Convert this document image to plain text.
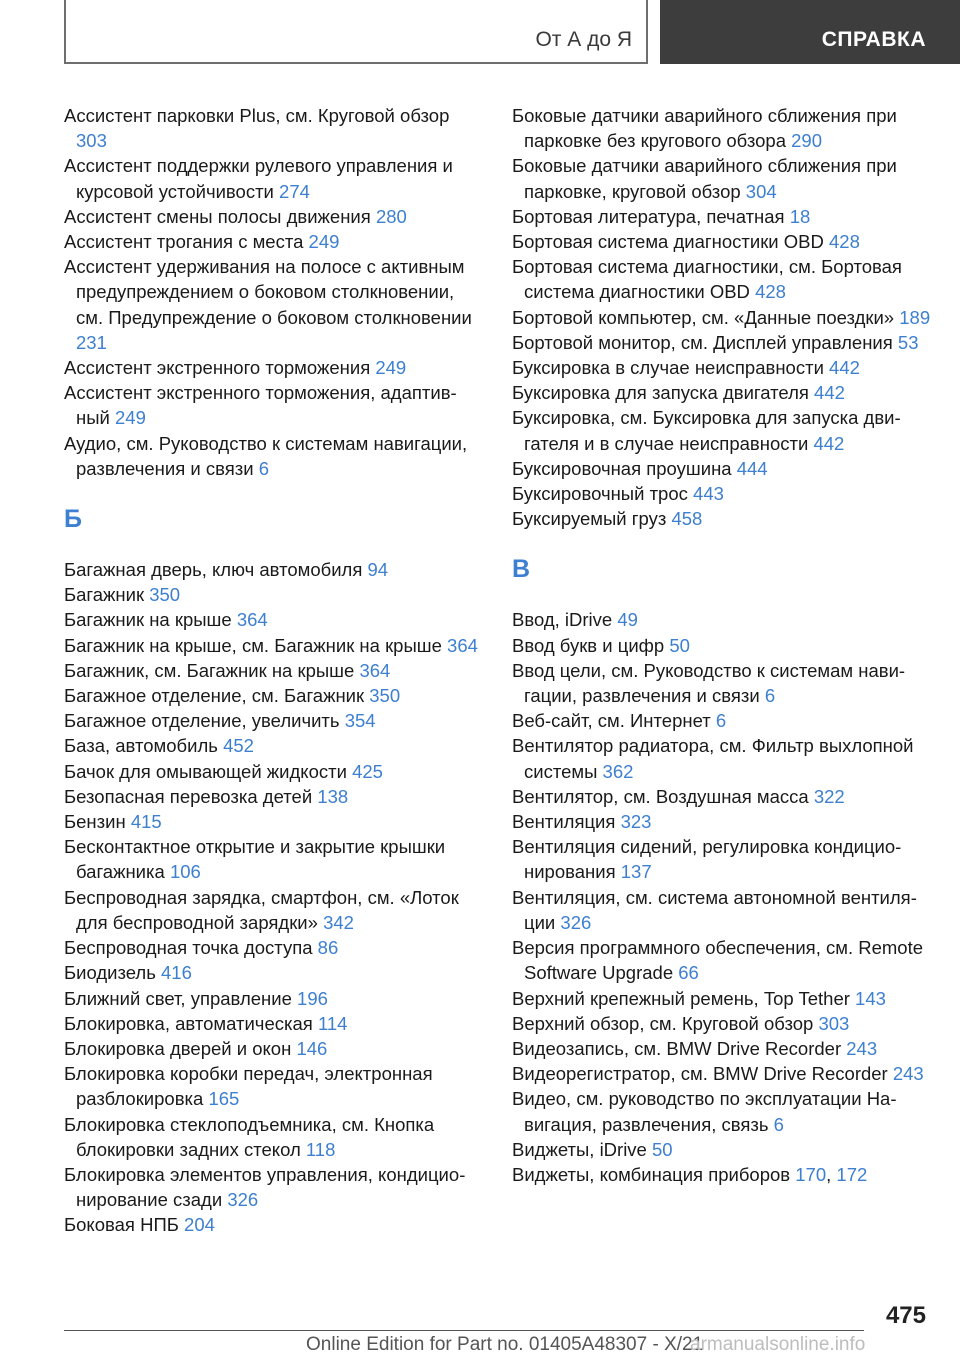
От А до Я	СПРАВКА
Ассистент парковки Plus, см. Круговой обзор 303
Ассистент поддержки рулевого управления и курсовой устойчивости 274
Ассистент смены полосы движения 280
Ассистент трогания с места 249
Ассистент удерживания на полосе с активным предупреждением о боковом столкновении, см. Предупреждение о боковом столкновении 231
Ассистент экстренного торможения 249
Ассистент экстренного торможения, адаптивный 249
Аудио, см. Руководство к системам навигации, развлечения и связи 6
Б
Багажная дверь, ключ автомобиля 94
Багажник 350
Багажник на крыше 364
Багажник на крыше, см. Багажник на крыше 364
Багажник, см. Багажник на крыше 364
Багажное отделение, см. Багажник 350
Багажное отделение, увеличить 354
База, автомобиль 452
Бачок для омывающей жидкости 425
Безопасная перевозка детей 138
Бензин 415
Бесконтактное открытие и закрытие крышки багажника 106
Беспроводная зарядка, смартфон, см. «Лоток для беспроводной зарядки» 342
Беспроводная точка доступа 86
Биодизель 416
Ближний свет, управление 196
Блокировка, автоматическая 114
Блокировка дверей и окон 146
Блокировка коробки передач, электронная разблокировка 165
Блокировка стеклоподъемника, см. Кнопка блокировки задних стекол 118
Блокировка элементов управления, кондиционирование сзади 326
Боковая НПБ 204
Боковые датчики аварийного сближения при парковке без кругового обзора 290
Боковые датчики аварийного сближения при парковке, круговой обзор 304
Бортовая литература, печатная 18
Бортовая система диагностики OBD 428
Бортовая система диагностики, см. Бортовая система диагностики OBD 428
Бортовой компьютер, см. «Данные поездки» 189
Бортовой монитор, см. Дисплей управления 53
Буксировка в случае неисправности 442
Буксировка для запуска двигателя 442
Буксировка, см. Буксировка для запуска двигателя и в случае неисправности 442
Буксировочная проушина 444
Буксировочный трос 443
Буксируемый груз 458
В
Ввод, iDrive 49
Ввод букв и цифр 50
Ввод цели, см. Руководство к системам навигации, развлечения и связи 6
Веб-сайт, см. Интернет 6
Вентилятор радиатора, см. Фильтр выхлопной системы 362
Вентилятор, см. Воздушная масса 322
Вентиляция 323
Вентиляция сидений, регулировка кондиционирования 137
Вентиляция, см. система автономной вентиляции 326
Версия программного обеспечения, см. Remote Software Upgrade 66
Верхний крепежный ремень, Top Tether 143
Верхний обзор, см. Круговой обзор 303
Видеозапись, см. BMW Drive Recorder 243
Видеорегистратор, см. BMW Drive Recorder 243
Видео, см. руководство по эксплуатации Навигация, развлечения, связь 6
Виджеты, iDrive 50
Виджеты, комбинация приборов 170, 172
475
Online Edition for Part no. 01405A48307 - X/21
armanualsonline.info
